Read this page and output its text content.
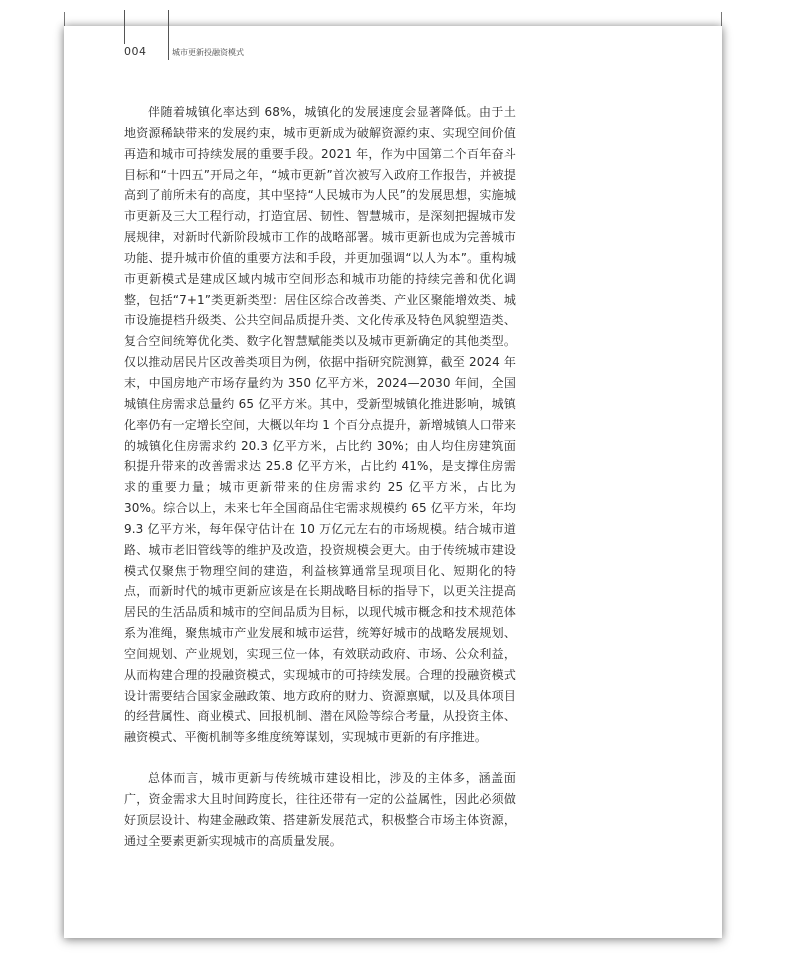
004	城市更新投融资模式

伴随着城镇化率达到 68%，城镇化的发展速度会显著降低。由于土地资源稀缺带来的发展约束，城市更新成为破解资源约束、实现空间价值再造和城市可持续发展的重要手段。2021 年，作为中国第二个百年奋斗目标和“十四五”开局之年，“城市更新”首次被写入政府工作报告，并被提高到了前所未有的高度，其中坚持“人民城市为人民”的发展思想，实施城市更新及三大工程行动，打造宜居、韧性、智慧城市，是深刻把握城市发展规律，对新时代新阶段城市工作的战略部署。城市更新也成为完善城市功能、提升城市价值的重要方法和手段，并更加强调“以人为本”。重构城市更新模式是建成区域内城市空间形态和城市功能的持续完善和优化调整，包括“7+1”类更新类型：居住区综合改善类、产业区聚能增效类、城市设施提档升级类、公共空间品质提升类、文化传承及特色风貌塑造类、复合空间统筹优化类、数字化智慧赋能类以及城市更新确定的其他类型。仅以推动居民片区改善类项目为例，依据中指研究院测算，截至 2024 年末，中国房地产市场存量约为 350 亿平方米，2024—2030 年间，全国城镇住房需求总量约 65 亿平方米。其中，受新型城镇化推进影响，城镇化率仍有一定增长空间，大概以年均 1 个百分点提升，新增城镇人口带来的城镇化住房需求约 20.3 亿平方米，占比约 30%；由人均住房建筑面积提升带来的改善需求达 25.8 亿平方米，占比约 41%，是支撑住房需求的重要力量；城市更新带来的住房需求约 25 亿平方米，占比为 30%。综合以上，未来七年全国商品住宅需求规模约 65 亿平方米，年均 9.3 亿平方米，每年保守估计在 10 万亿元左右的市场规模。结合城市道路、城市老旧管线等的维护及改造，投资规模会更大。由于传统城市建设模式仅聚焦于物理空间的建造，利益核算通常呈现项目化、短期化的特点，而新时代的城市更新应该是在长期战略目标的指导下，以更关注提高居民的生活品质和城市的空间品质为目标，以现代城市概念和技术规范体系为准绳，聚焦城市产业发展和城市运营，统筹好城市的战略发展规划、空间规划、产业规划，实现三位一体，有效联动政府、市场、公众利益，从而构建合理的投融资模式，实现城市的可持续发展。合理的投融资模式设计需要结合国家金融政策、地方政府的财力、资源禀赋，以及具体项目的经营属性、商业模式、回报机制、潜在风险等综合考量，从投资主体、融资模式、平衡机制等多维度统筹谋划，实现城市更新的有序推进。

总体而言，城市更新与传统城市建设相比，涉及的主体多，涵盖面广，资金需求大且时间跨度长，往往还带有一定的公益属性，因此必须做好顶层设计、构建金融政策、搭建新发展范式，积极整合市场主体资源，通过全要素更新实现城市的高质量发展。
